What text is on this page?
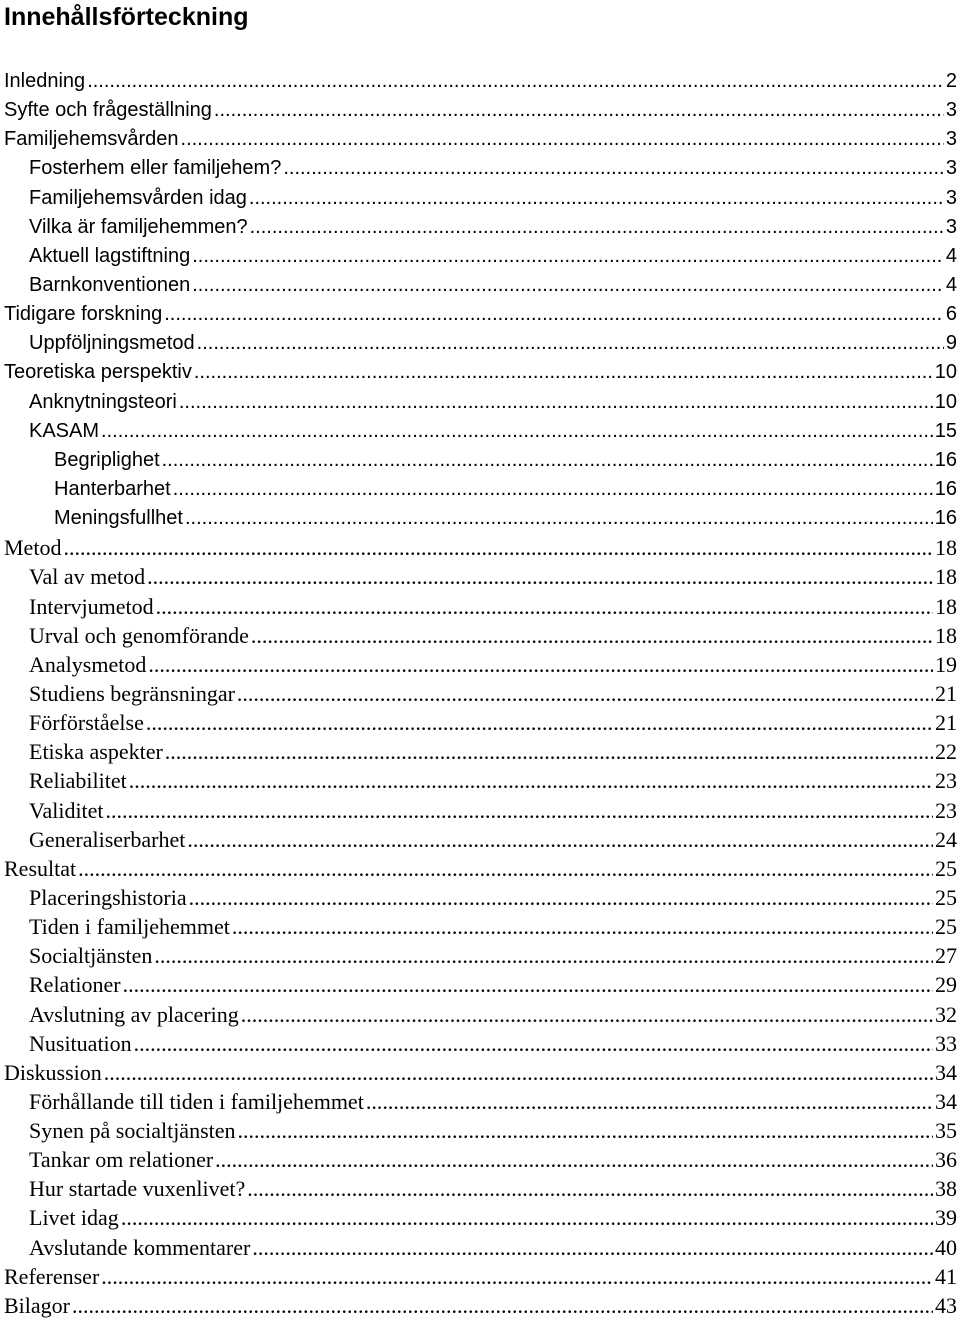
Innehållsförteckning
Inledning .....	2
Syfte och frågeställning .....	3
Familjehemsvården .....	3
Fosterhem eller familjehem? .....	3
Familjehemsvården idag .....	3
Vilka är familjehemmen? .....	3
Aktuell lagstiftning .....	4
Barnkonventionen .....	4
Tidigare forskning .....	6
Uppföljningsmetod .....	9
Teoretiska perspektiv .....	10
Anknytningsteori .....	10
KASAM .....	15
Begriplighet .....	16
Hanterbarhet .....	16
Meningsfullhet .....	16
Metod .....	18
Val av metod .....	18
Intervjumetod .....	18
Urval och genomförande .....	18
Analysmetod .....	19
Studiens begränsningar .....	21
Förförståelse .....	21
Etiska aspekter .....	22
Reliabilitet .....	23
Validitet .....	23
Generaliserbarhet .....	24
Resultat .....	25
Placeringshistoria .....	25
Tiden i familjehemmet .....	25
Socialtjänsten .....	27
Relationer .....	29
Avslutning av placering .....	32
Nusituation .....	33
Diskussion .....	34
Förhållande till tiden i familjehemmet .....	34
Synen på socialtjänsten .....	35
Tankar om relationer .....	36
Hur startade vuxenlivet? .....	38
Livet idag .....	39
Avslutande kommentarer .....	40
Referenser .....	41
Bilagor .....	43
